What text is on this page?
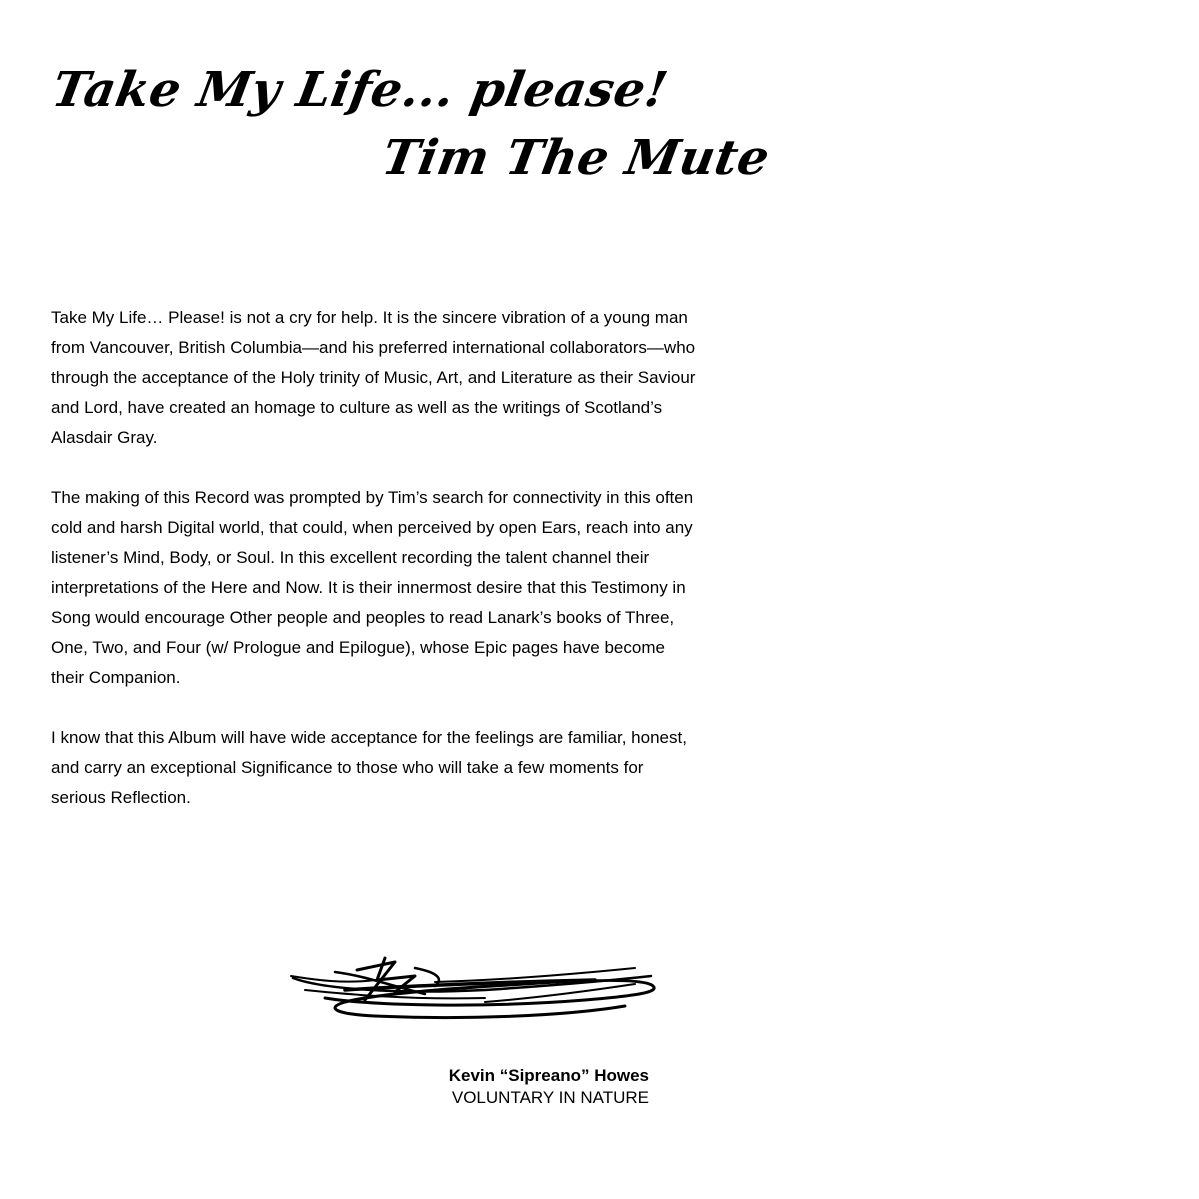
Take My Life... please!
Tim The Mute

Take My Life… Please! is not a cry for help. It is the sincere vibration of a young man from Vancouver, British Columbia—and his preferred international collaborators—who through the acceptance of the Holy trinity of Music, Art, and Literature as their Saviour and Lord, have created an homage to culture as well as the writings of Scotland’s Alasdair Gray.

The making of this Record was prompted by Tim’s search for connectivity in this often cold and harsh Digital world, that could, when perceived by open Ears, reach into any listener’s Mind, Body, or Soul. In this excellent recording the talent channel their interpretations of the Here and Now. It is their innermost desire that this Testimony in Song would encourage Other people and peoples to read Lanark’s books of Three, One, Two, and Four (w/ Prologue and Epilogue), whose Epic pages have become their Companion.

I know that this Album will have wide acceptance for the feelings are familiar, honest, and carry an exceptional Significance to those who will take a few moments for serious Reflection.

Kevin “Sipreano” Howes
VOLUNTARY IN NATURE
